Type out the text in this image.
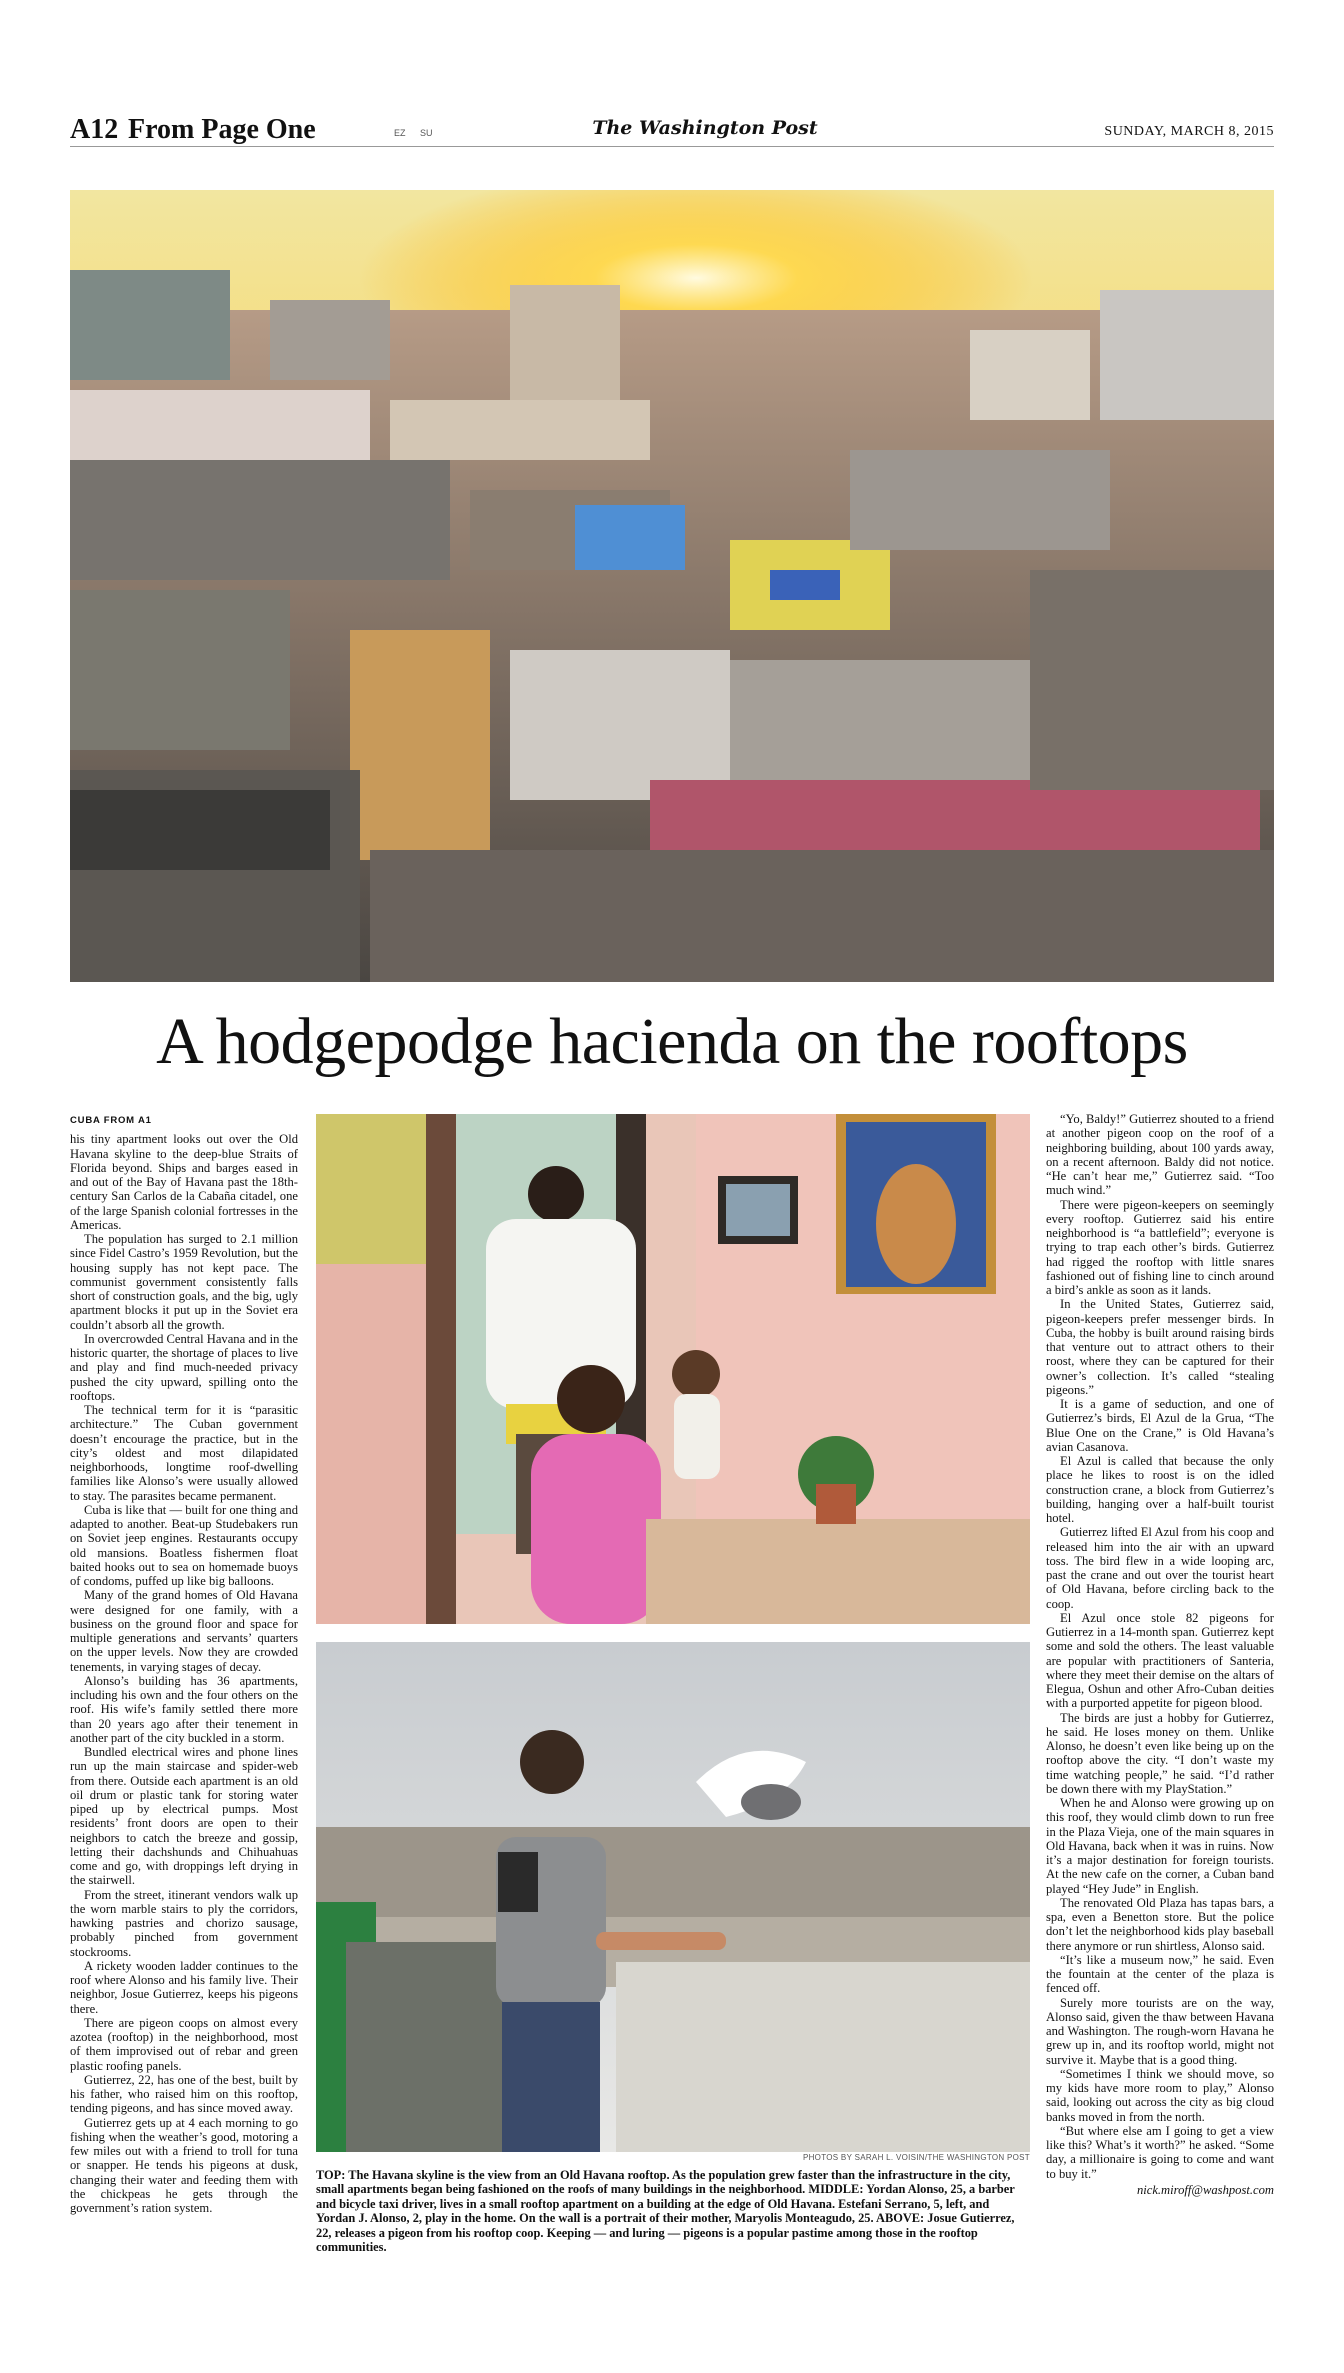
A12 From Page One	EZ SU	The Washington Post	SUNDAY, MARCH 8, 2015
A hodgepodge hacienda on the rooftops
CUBA FROM A1

his tiny apartment looks out over the Old Havana skyline to the deep-blue Straits of Florida beyond. Ships and barges eased in and out of the Bay of Havana past the 18th-century San Carlos de la Cabaña citadel, one of the large Spanish colonial fortresses in the Americas.

The population has surged to 2.1 million since Fidel Castro’s 1959 Revolution, but the housing supply has not kept pace. The communist government consistently falls short of construction goals, and the big, ugly apartment blocks it put up in the Soviet era couldn’t absorb all the growth.

In overcrowded Central Havana and in the historic quarter, the shortage of places to live and play and find much-needed privacy pushed the city upward, spilling onto the rooftops.

The technical term for it is “parasitic architecture.” The Cuban government doesn’t encourage the practice, but in the city’s oldest and most dilapidated neighborhoods, longtime roof-dwelling families like Alonso’s were usually allowed to stay. The parasites became permanent.

Cuba is like that — built for one thing and adapted to another. Beat-up Studebakers run on Soviet jeep engines. Restaurants occupy old mansions. Boatless fishermen float baited hooks out to sea on homemade buoys of condoms, puffed up like big balloons.

Many of the grand homes of Old Havana were designed for one family, with a business on the ground floor and space for multiple generations and servants’ quarters on the upper levels. Now they are crowded tenements, in varying stages of decay.

Alonso’s building has 36 apartments, including his own and the four others on the roof. His wife’s family settled there more than 20 years ago after their tenement in another part of the city buckled in a storm.

Bundled electrical wires and phone lines run up the main staircase and spider-web from there. Outside each apartment is an old oil drum or plastic tank for storing water piped up by electrical pumps. Most residents’ front doors are open to their neighbors to catch the breeze and gossip, letting their dachshunds and Chihuahuas come and go, with droppings left drying in the stairwell.

From the street, itinerant vendors walk up the worn marble stairs to ply the corridors, hawking pastries and chorizo sausage, probably pinched from government stockrooms.

A rickety wooden ladder continues to the roof where Alonso and his family live. Their neighbor, Josue Gutierrez, keeps his pigeons there.

There are pigeon coops on almost every azotea (rooftop) in the neighborhood, most of them improvised out of rebar and green plastic roofing panels.

Gutierrez, 22, has one of the best, built by his father, who raised him on this rooftop, tending pigeons, and has since moved away.

Gutierrez gets up at 4 each morning to go fishing when the weather’s good, motoring a few miles out with a friend to troll for tuna or snapper. He tends his pigeons at dusk, changing their water and feeding them with the chickpeas he gets through the government’s ration system.

PHOTOS BY SARAH L. VOISIN/THE WASHINGTON POST
TOP: The Havana skyline is the view from an Old Havana rooftop. As the population grew faster than the infrastructure in the city, small apartments began being fashioned on the roofs of many buildings in the neighborhood. MIDDLE: Yordan Alonso, 25, a barber and bicycle taxi driver, lives in a small rooftop apartment on a building at the edge of Old Havana. Estefani Serrano, 5, left, and Yordan J. Alonso, 2, play in the home. On the wall is a portrait of their mother, Maryolis Monteagudo, 25. ABOVE: Josue Gutierrez, 22, releases a pigeon from his rooftop coop. Keeping — and luring — pigeons is a popular pastime among those in the rooftop communities.

“Yo, Baldy!” Gutierrez shouted to a friend at another pigeon coop on the roof of a neighboring building, about 100 yards away, on a recent afternoon. Baldy did not notice. “He can’t hear me,” Gutierrez said. “Too much wind.”

There were pigeon-keepers on seemingly every rooftop. Gutierrez said his entire neighborhood is “a battlefield”; everyone is trying to trap each other’s birds. Gutierrez had rigged the rooftop with little snares fashioned out of fishing line to cinch around a bird’s ankle as soon as it lands.

In the United States, Gutierrez said, pigeon-keepers prefer messenger birds. In Cuba, the hobby is built around raising birds that venture out to attract others to their roost, where they can be captured for their owner’s collection. It’s called “stealing pigeons.”

It is a game of seduction, and one of Gutierrez’s birds, El Azul de la Grua, “The Blue One on the Crane,” is Old Havana’s avian Casanova.

El Azul is called that because the only place he likes to roost is on the idled construction crane, a block from Gutierrez’s building, hanging over a half-built tourist hotel.

Gutierrez lifted El Azul from his coop and released him into the air with an upward toss. The bird flew in a wide looping arc, past the crane and out over the tourist heart of Old Havana, before circling back to the coop.

El Azul once stole 82 pigeons for Gutierrez in a 14-month span. Gutierrez kept some and sold the others. The least valuable are popular with practitioners of Santeria, where they meet their demise on the altars of Elegua, Oshun and other Afro-Cuban deities with a purported appetite for pigeon blood.

The birds are just a hobby for Gutierrez, he said. He loses money on them. Unlike Alonso, he doesn’t even like being up on the rooftop above the city. “I don’t waste my time watching people,” he said. “I’d rather be down there with my PlayStation.”

When he and Alonso were growing up on this roof, they would climb down to run free in the Plaza Vieja, one of the main squares in Old Havana, back when it was in ruins. Now it’s a major destination for foreign tourists. At the new cafe on the corner, a Cuban band played “Hey Jude” in English.

The renovated Old Plaza has tapas bars, a spa, even a Benetton store. But the police don’t let the neighborhood kids play baseball there anymore or run shirtless, Alonso said.

“It’s like a museum now,” he said. Even the fountain at the center of the plaza is fenced off.

Surely more tourists are on the way, Alonso said, given the thaw between Havana and Washington. The rough-worn Havana he grew up in, and its rooftop world, might not survive it. Maybe that is a good thing.

“Sometimes I think we should move, so my kids have more room to play,” Alonso said, looking out across the city as big cloud banks moved in from the north.

“But where else am I going to get a view like this? What’s it worth?” he asked. “Some day, a millionaire is going to come and want to buy it.”

nick.miroff@washpost.com
